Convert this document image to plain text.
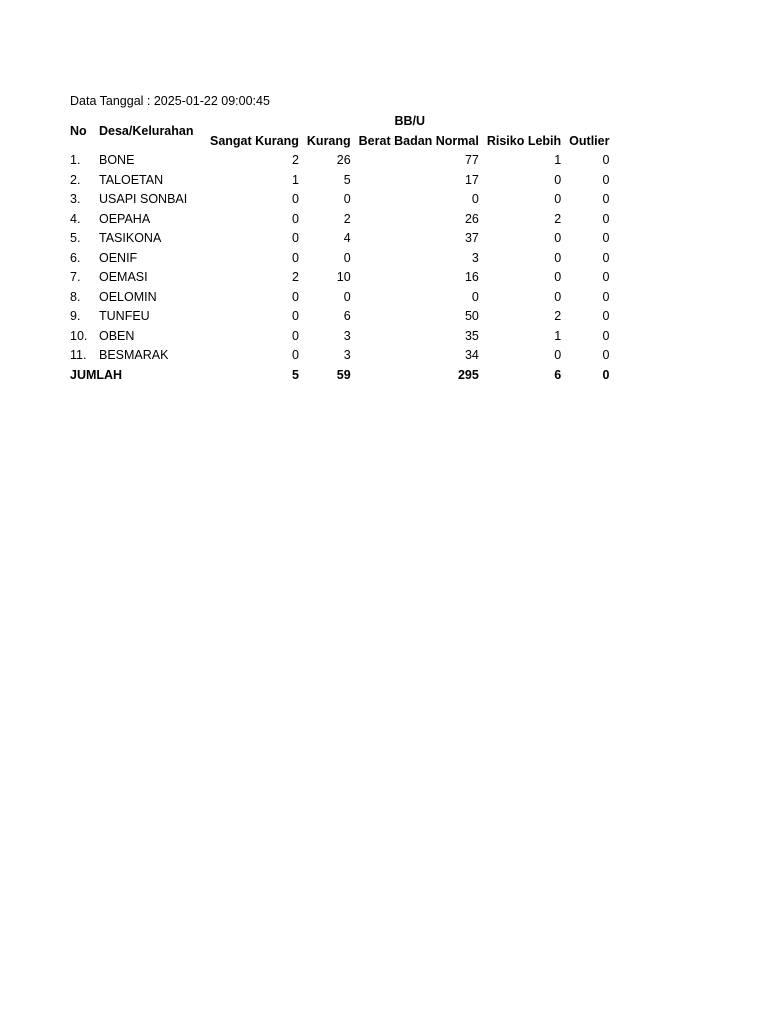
Data Tanggal : 2025-01-22 09:00:45
No	Desa/Kelurahan	BB/U				
		Sangat Kurang	Kurang	Berat Badan Normal	Risiko Lebih	Outlier
1.	BONE	2	26	77	1	0
2.	TALOETAN	1	5	17	0	0
3.	USAPI SONBAI	0	0	0	0	0
4.	OEPAHA	0	2	26	2	0
5.	TASIKONA	0	4	37	0	0
6.	OENIF	0	0	3	0	0
7.	OEMASI	2	10	16	0	0
8.	OELOMIN	0	0	0	0	0
9.	TUNFEU	0	6	50	2	0
10.	OBEN	0	3	35	1	0
11.	BESMARAK	0	3	34	0	0
JUMLAH		5	59	295	6	0
